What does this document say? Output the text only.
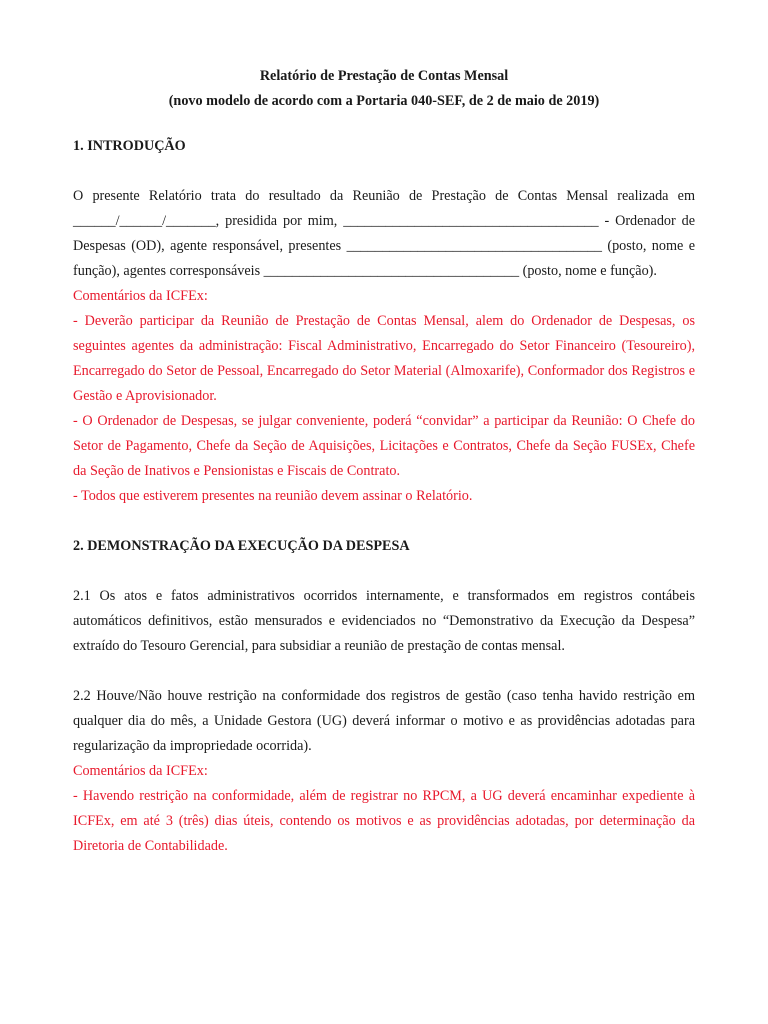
Relatório de Prestação de Contas Mensal

(novo modelo de acordo com a Portaria 040-SEF, de 2 de maio de 2019)

1. INTRODUÇÃO

O presente Relatório trata do resultado da Reunião de Prestação de Contas Mensal realizada em ______/______/_______, presidida por mim, ____________________________________ - Ordenador de Despesas (OD), agente responsável, presentes ____________________________________ (posto, nome e função), agentes corresponsáveis ____________________________________ (posto, nome e função).

Comentários da ICFEx:

- Deverão participar da Reunião de Prestação de Contas Mensal, alem do Ordenador de Despesas, os seguintes agentes da administração: Fiscal Administrativo, Encarregado do Setor Financeiro (Tesoureiro), Encarregado do Setor de Pessoal, Encarregado do Setor Material (Almoxarife), Conformador dos Registros e Gestão e Aprovisionador.

- O Ordenador de Despesas, se julgar conveniente, poderá “convidar” a participar da Reunião: O Chefe do Setor de Pagamento, Chefe da Seção de Aquisições, Licitações e Contratos, Chefe da Seção FUSEx, Chefe da Seção de Inativos e Pensionistas e Fiscais de Contrato.

- Todos que estiverem presentes na reunião devem assinar o Relatório.

2. DEMONSTRAÇÃO DA EXECUÇÃO DA DESPESA

2.1 Os atos e fatos administrativos ocorridos internamente, e transformados em registros contábeis automáticos definitivos, estão mensurados e evidenciados no “Demonstrativo da Execução da Despesa” extraído do Tesouro Gerencial, para subsidiar a reunião de prestação de contas mensal.

2.2 Houve/Não houve restrição na conformidade dos registros de gestão (caso tenha havido restrição em qualquer dia do mês, a Unidade Gestora (UG) deverá informar o motivo e as providências adotadas para regularização da impropriedade ocorrida).

Comentários da ICFEx:

- Havendo restrição na conformidade, além de registrar no RPCM, a UG deverá encaminhar expediente à ICFEx, em até 3 (três) dias úteis, contendo os motivos e as providências adotadas, por determinação da Diretoria de Contabilidade.
